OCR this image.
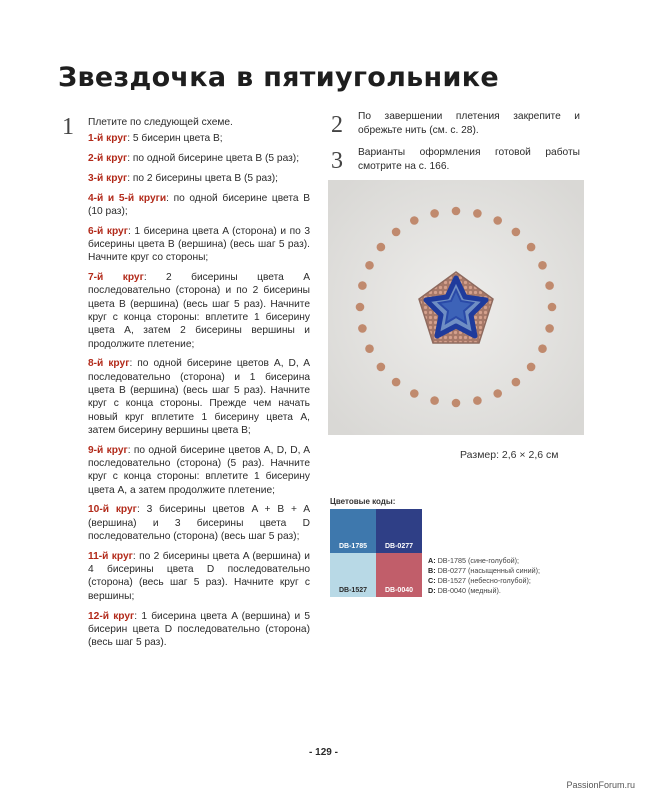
Звездочка в пятиугольнике
1 Плетите по следующей схеме.

1-й круг: 5 бисерин цвета B;

2-й круг: по одной бисерине цвета B (5 раз);

3-й круг: по 2 бисерины цвета B (5 раз);

4-й и 5-й круги: по одной бисерине цвета B (10 раз);

6-й круг: 1 бисерина цвета A (сторона) и по 3 бисерины цвета B (вершина) (весь шаг 5 раз). Начните круг со стороны;

7-й круг: 2 бисерины цвета A последовательно (сторона) и по 2 бисерины цвета B (вершина) (весь шаг 5 раз). Начните круг с конца стороны: вплетите 1 бисерину цвета A, затем 2 бисерины вершины и продолжите плетение;

8-й круг: по одной бисерине цветов A, D, A последовательно (сторона) и 1 бисерина цвета B (вершина) (весь шаг 5 раз). Начните круг с конца стороны. Прежде чем начать новый круг вплетите 1 бисерину цвета A, затем бисерину вершины цвета B;

9-й круг: по одной бисерине цветов A, D, D, A последовательно (сторона) (5 раз). Начните круг с конца стороны: вплетите 1 бисерину цвета A, а затем продолжите плетение;

10-й круг: 3 бисерины цветов A + B + A (вершина) и 3 бисерины цвета D последовательно (сторона) (весь шаг 5 раз);

11-й круг: по 2 бисерины цвета A (вершина) и 4 бисерины цвета D последовательно (сторона) (весь шаг 5 раз). Начните круг с вершины;

12-й круг: 1 бисерина цвета A (вершина) и 5 бисерин цвета D последовательно (сторона) (весь шаг 5 раз).

2 По завершении плетения закрепите и обрежьте нить (см. с. 28).
3 Варианты оформления готовой работы смотрите на с. 166.
Размер: 2,6 × 2,6 см
Цветовые коды:
DB-1785	DB-0277
DB-1527	DB-0040
A: DB-1785 (сине-голубой);
B: DB-0277 (насыщенный синий);
C: DB-1527 (небесно-голубой);
D: DB-0040 (медный).
- 129 -
PassionForum.ru
